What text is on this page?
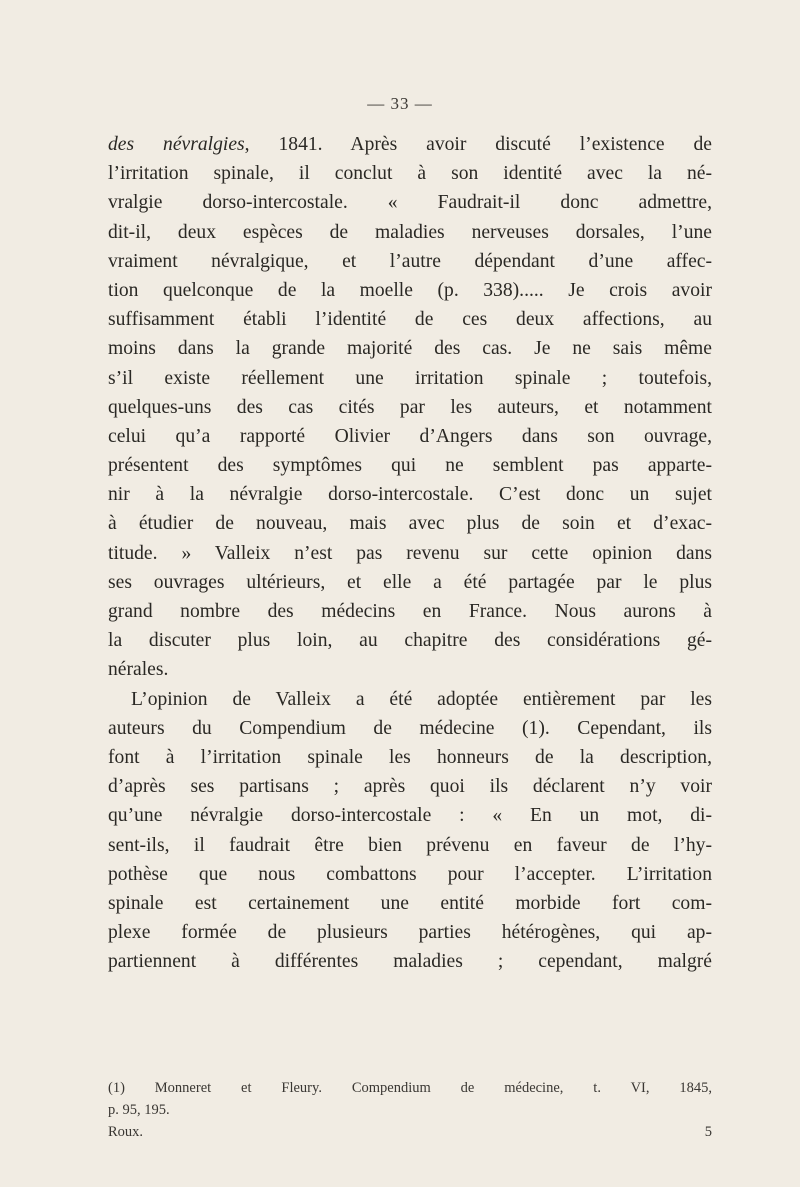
— 33 —
des névralgies, 1841. Après avoir discuté l’existence de
l’irritation spinale, il conclut à son identité avec la né-
vralgie dorso-intercostale. « Faudrait-il donc admettre,
dit-il, deux espèces de maladies nerveuses dorsales, l’une
vraiment névralgique, et l’autre dépendant d’une affec-
tion quelconque de la moelle (p. 338)..... Je crois avoir
suffisamment établi l’identité de ces deux affections, au
moins dans la grande majorité des cas. Je ne sais même
s’il existe réellement une irritation spinale ; toutefois,
quelques-uns des cas cités par les auteurs, et notamment
celui qu’a rapporté Olivier d’Angers dans son ouvrage,
présentent des symptômes qui ne semblent pas apparte-
nir à la névralgie dorso-intercostale. C’est donc un sujet
à étudier de nouveau, mais avec plus de soin et d’exac-
titude. » Valleix n’est pas revenu sur cette opinion dans
ses ouvrages ultérieurs, et elle a été partagée par le plus
grand nombre des médecins en France. Nous aurons à
la discuter plus loin, au chapitre des considérations gé-
nérales.
L’opinion de Valleix a été adoptée entièrement par les
auteurs du Compendium de médecine (1). Cependant, ils
font à l’irritation spinale les honneurs de la description,
d’après ses partisans ; après quoi ils déclarent n’y voir
qu’une névralgie dorso-intercostale : « En un mot, di-
sent-ils, il faudrait être bien prévenu en faveur de l’hy-
pothèse que nous combattons pour l’accepter. L’irritation
spinale est certainement une entité morbide fort com-
plexe formée de plusieurs parties hétérogènes, qui ap-
partiennent à différentes maladies ; cependant, malgré
(1) Monneret et Fleury. Compendium de médecine, t. VI, 1845,
p. 95, 195.
Roux.	5
